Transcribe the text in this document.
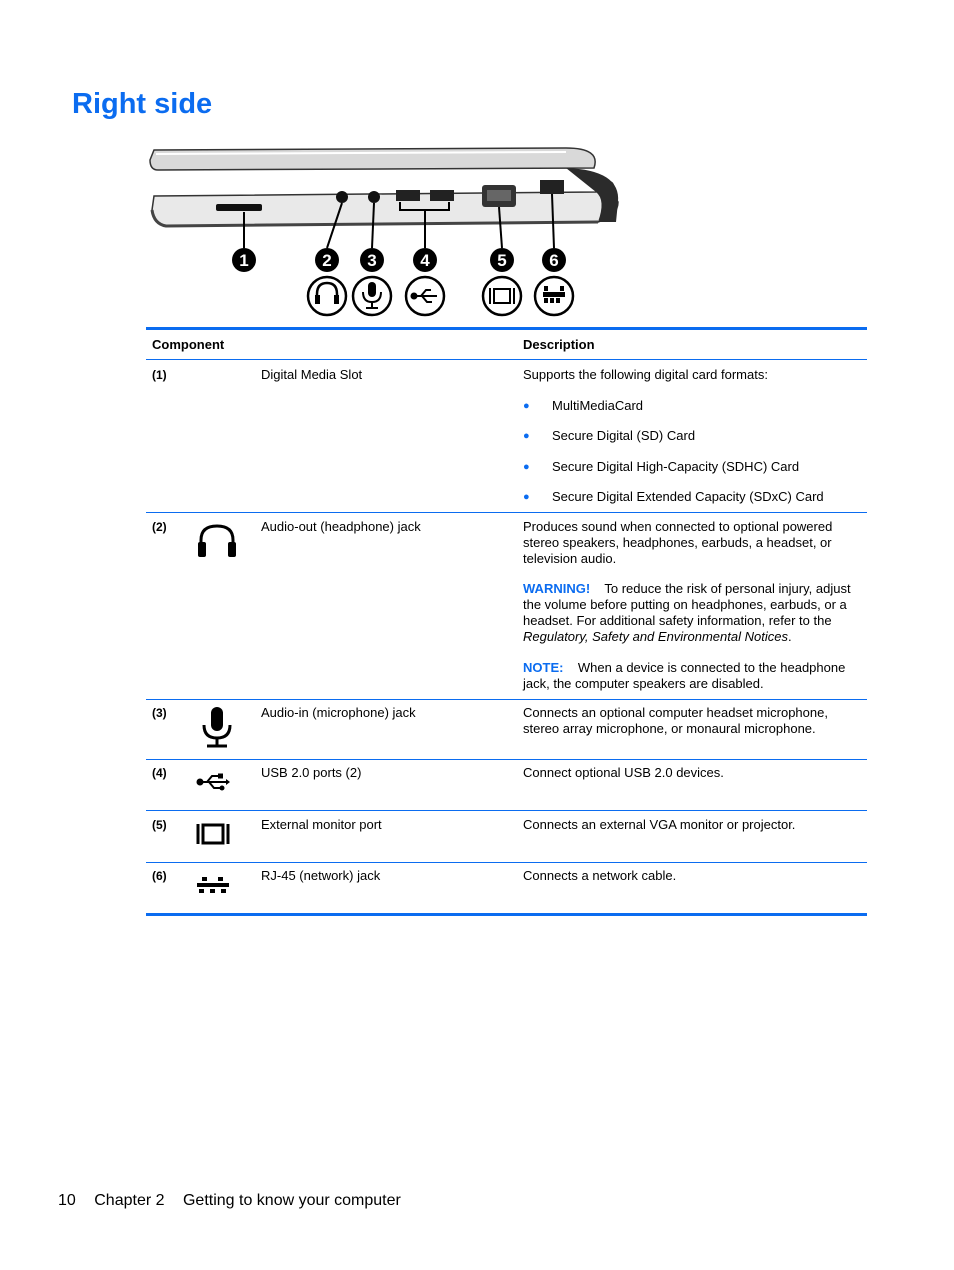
Right side
1	2 3	4	5	6
Component	Description
(1)	Digital Media Slot	Supports the following digital card formats:
● MultiMediaCard
● Secure Digital (SD) Card
● Secure Digital High-Capacity (SDHC) Card
● Secure Digital Extended Capacity (SDxC) Card
(2)	Audio-out (headphone) jack	Produces sound when connected to optional powered stereo speakers, headphones, earbuds, a headset, or television audio.

WARNING! To reduce the risk of personal injury, adjust the volume before putting on headphones, earbuds, or a headset. For additional safety information, refer to the Regulatory, Safety and Environmental Notices.

NOTE: When a device is connected to the headphone jack, the computer speakers are disabled.

(3)	Audio-in (microphone) jack	Connects an optional computer headset microphone, stereo array microphone, or monaural microphone.
(4)	USB 2.0 ports (2)	Connect optional USB 2.0 devices.
(5)	External monitor port	Connects an external VGA monitor or projector.
(6)	RJ-45 (network) jack	Connects a network cable.
10 Chapter 2 Getting to know your computer
